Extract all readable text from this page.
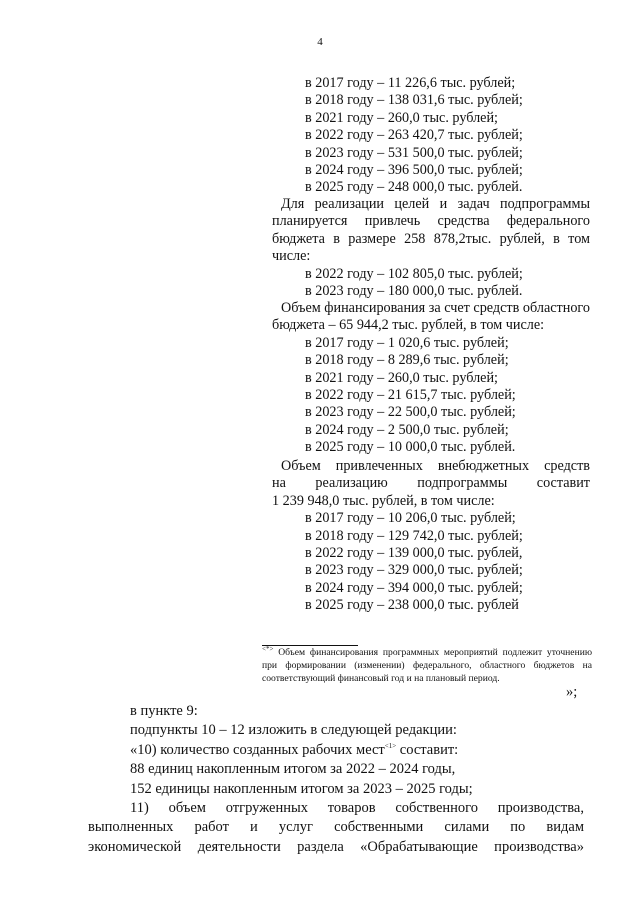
4
в 2017 году – 11 226,6 тыс. рублей;
в 2018 году – 138 031,6 тыс. рублей;
в 2021 году – 260,0 тыс. рублей;
в 2022 году – 263 420,7 тыс. рублей;
в 2023 году – 531 500,0 тыс. рублей;
в 2024 году – 396 500,0 тыс. рублей;
в 2025 году – 248 000,0 тыс. рублей.
Для реализации целей и задач подпрограммы планируется привлечь средства федерального бюджета в размере 258 878,2тыс. рублей, в том числе:
в 2022 году – 102 805,0 тыс. рублей;
в 2023 году – 180 000,0 тыс. рублей.
Объем финансирования за счет средств областного бюджета – 65 944,2 тыс. рублей, в том числе:
в 2017 году – 1 020,6 тыс. рублей;
в 2018 году – 8 289,6 тыс. рублей;
в 2021 году – 260,0 тыс. рублей;
в 2022 году – 21 615,7 тыс. рублей;
в 2023 году – 22 500,0 тыс. рублей;
в 2024 году – 2 500,0 тыс. рублей;
в 2025 году – 10 000,0 тыс. рублей.
Объем привлеченных внебюджетных средств
на реализацию подпрограммы составит
1 239 948,0 тыс. рублей, в том числе:
в 2017 году – 10 206,0 тыс. рублей;
в 2018 году – 129 742,0 тыс. рублей;
в 2022 году – 139 000,0 тыс. рублей,
в 2023 году – 329 000,0 тыс. рублей;
в 2024 году – 394 000,0 тыс. рублей;
в 2025 году – 238 000,0 тыс. рублей
<*> Объем финансирования программных мероприятий подлежит уточнению при формировании (изменении) федерального, областного бюджетов на соответствующий финансовый год и на плановый период.
»;
в пункте 9:
подпункты 10 – 12 изложить в следующей редакции:
«10) количество созданных рабочих мест$^{<1>}$ составит:
88 единиц накопленным итогом за 2022 – 2024 годы,
152 единицы накопленным итогом за 2023 – 2025 годы;
11) объем отгруженных товаров собственного производства,
выполненных работ и услуг собственными силами по видам
экономической деятельности раздела «Обрабатывающие производства»
